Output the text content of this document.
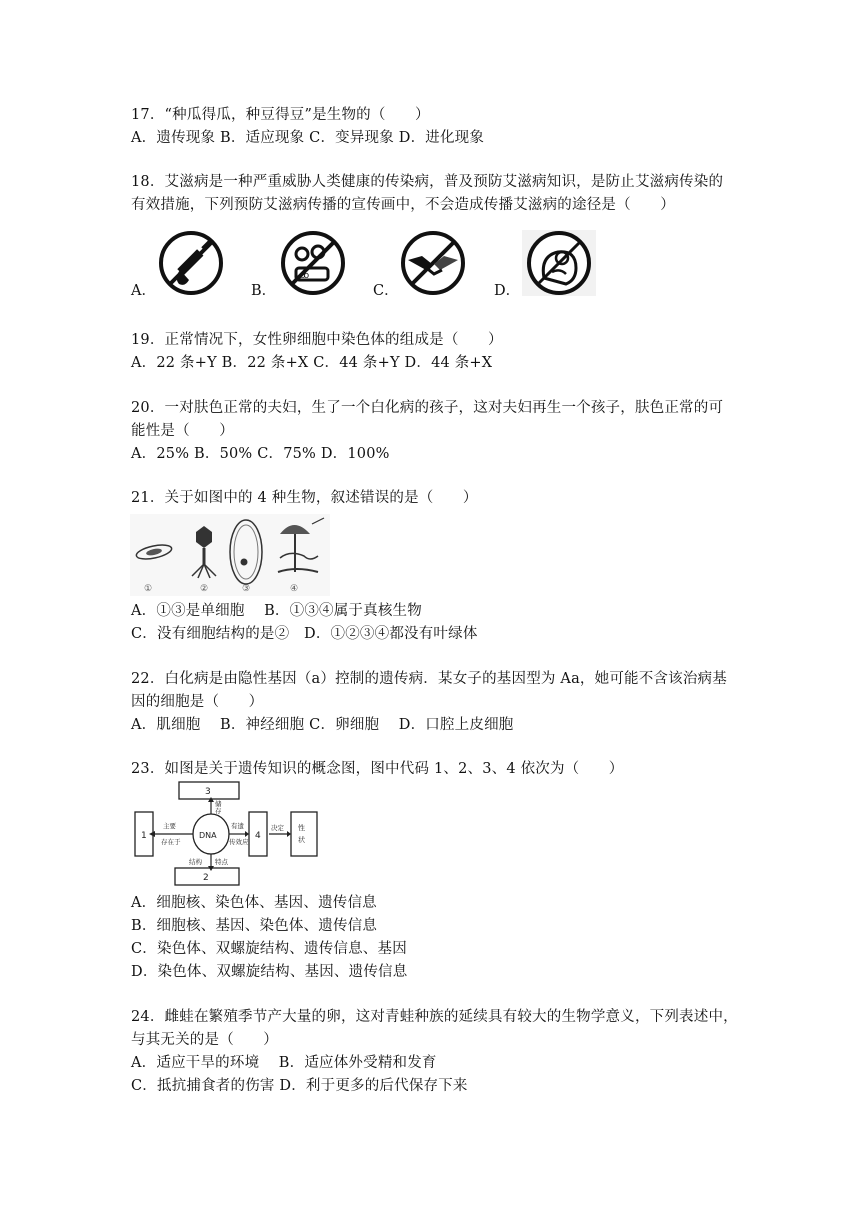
17．“种瓜得瓜，种豆得豆”是生物的（　　）
A．遗传现象 B．适应现象 C．变异现象 D．进化现象
18．艾滋病是一种严重威胁人类健康的传染病，普及预防艾滋病知识，是防止艾滋病传染的
有效措施，下列预防艾滋病传播的宣传画中，不会造成传播艾滋病的途径是（　　）
A．	B．
ꝏ
C．	D．
19．正常情况下，女性卵细胞中染色体的组成是（　　）
A．22 条+Y B．22 条+X C．44 条+Y D．44 条+X
20．一对肤色正常的夫妇，生了一个白化病的孩子，这对夫妇再生一个孩子，肤色正常的可
能性是（　　）
A．25% B．50% C．75% D．100%
21．关于如图中的 4 种生物，叙述错误的是（　　）
①	②	③	④
A．①③是单细胞　 B．①③④属于真核生物
C．没有细胞结构的是②　D．①②③④都没有叶绿体
22．白化病是由隐性基因（a）控制的遗传病．某女子的基因型为 Aa，她可能不含该治病基
因的细胞是（　　）
A．肌细胞　 B．神经细胞 C．卵细胞　 D．口腔上皮细胞
23．如图是关于遗传知识的概念图，图中代码 1、2、3、4 依次为（　　）
3
1	DNA	4
性
状
2
主要
存在于
储
存
有遗
传效应
决定
结构 特点
A．细胞核、染色体、基因、遗传信息
B．细胞核、基因、染色体、遗传信息
C．染色体、双螺旋结构、遗传信息、基因
D．染色体、双螺旋结构、基因、遗传信息
24．雌蛙在繁殖季节产大量的卵，这对青蛙种族的延续具有较大的生物学意义，下列表述中，
与其无关的是（　　）
A．适应干旱的环境　 B．适应体外受精和发育
C．抵抗捕食者的伤害 D．利于更多的后代保存下来
